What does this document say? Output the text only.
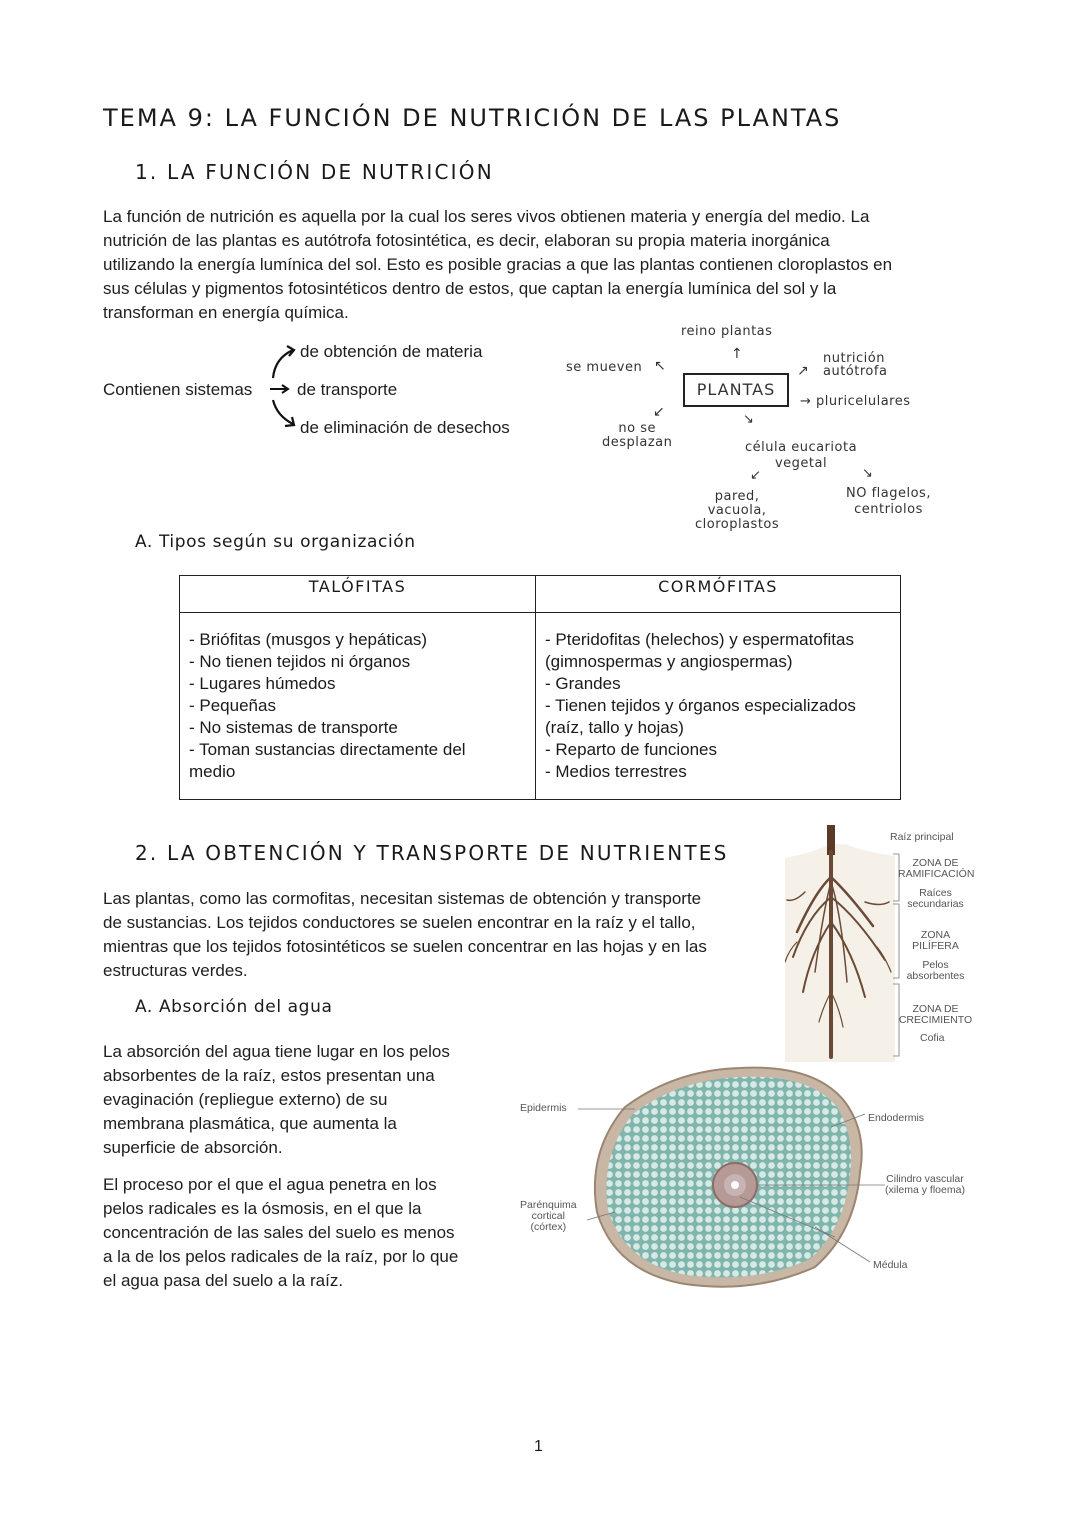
TEMA 9: LA FUNCIÓN DE NUTRICIÓN DE LAS PLANTAS
1. LA FUNCIÓN DE NUTRICIÓN

La función de nutrición es aquella por la cual los seres vivos obtienen materia y energía del medio. La

nutrición de las plantas es autótrofa fotosintética, es decir, elaboran su propia materia inorgánica

utilizando la energía lumínica del sol. Esto es posible gracias a que las plantas contienen cloroplastos en

sus células y pigmentos fotosintéticos dentro de estos, que captan la energía lumínica del sol y la

transforman en energía química.

Contienen sistemas
de obtención de materia
de transporte
de eliminación de desechos
reino plantas
↑
se mueven ↖
PLANTAS
↗
nutrición
autótrofa
→ pluricelulares
↙
no se
desplazan
↘
célula eucariota
vegetal
↙	↘
pared,
vacuola,
cloroplastos
NO flagelos,
centriolos
A. Tipos según su organización
TALÓFITAS	CORMÓFITAS

- Briófitas (musgos y hepáticas)
- No tienen tejidos ni órganos
- Lugares húmedos
- Pequeñas
- No sistemas de transporte
- Toman sustancias directamente del
medio

- Pteridofitas (helechos) y espermatofitas
(gimnospermas y angiospermas)
- Grandes
- Tienen tejidos y órganos especializados
(raíz, tallo y hojas)
- Reparto de funciones
- Medios terrestres
2. LA OBTENCIÓN Y TRANSPORTE DE NUTRIENTES

Las plantas, como las cormofitas, necesitan sistemas de obtención y transporte

de sustancias. Los tejidos conductores se suelen encontrar en la raíz y el tallo,

mientras que los tejidos fotosintéticos se suelen concentrar en las hojas y en las

estructuras verdes.

Raíz principal
ZONA DE
RAMIFICACIÓN
Raíces
secundarias
ZONA
PILÍFERA
Pelos
absorbentes
ZONA DE
CRECIMIENTO
Cofia
A. Absorción del agua

La absorción del agua tiene lugar en los pelos

absorbentes de la raíz, estos presentan una

evaginación (repliegue externo) de su

membrana plasmática, que aumenta la

superficie de absorción.

El proceso por el que el agua penetra en los

pelos radicales es la ósmosis, en el que la

concentración de las sales del suelo es menos

a la de los pelos radicales de la raíz, por lo que

el agua pasa del suelo a la raíz.

Epidermis
Endodermis
Cilindro vascular
(xilema y floema)
Parénquima
cortical
(córtex)
Médula
1
